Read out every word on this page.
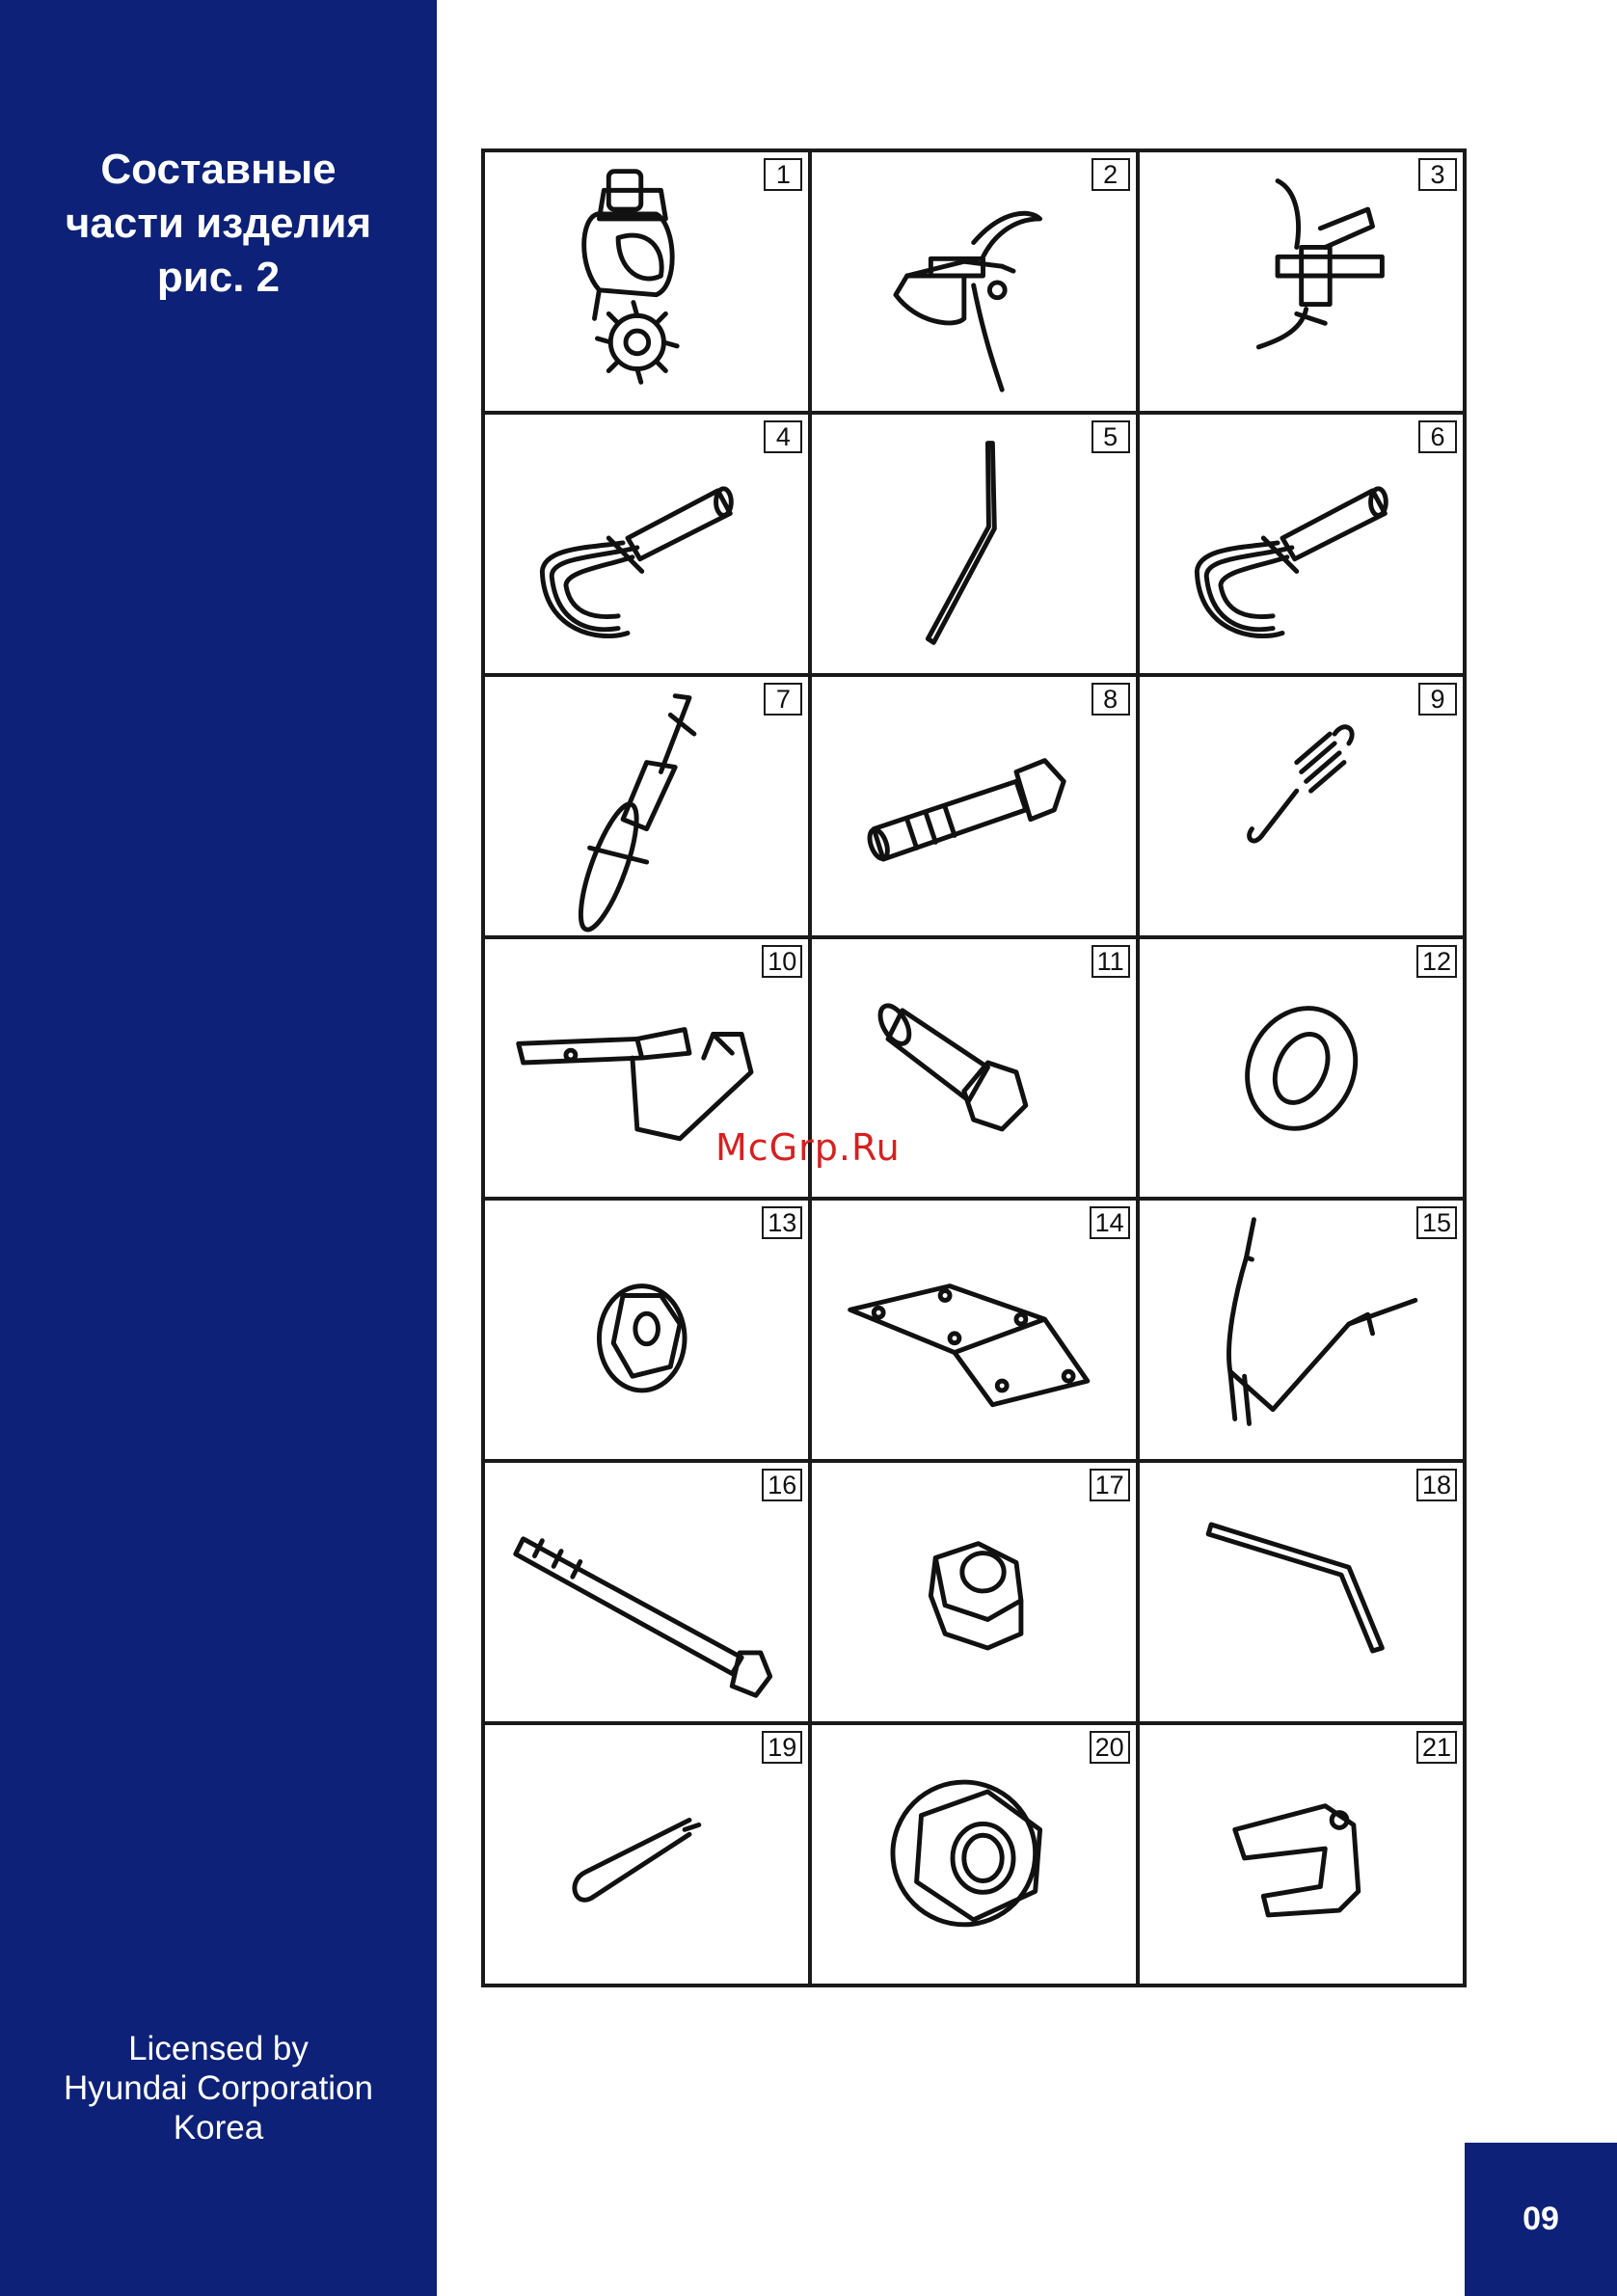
Составные
части изделия
рис. 2
Licensed by
Hyundai Corporation
Korea
1	2	3
4	5	6
7	8	9
10	11	12
13	14	15
16	17	18
19	20	21
McGrp.Ru
09
